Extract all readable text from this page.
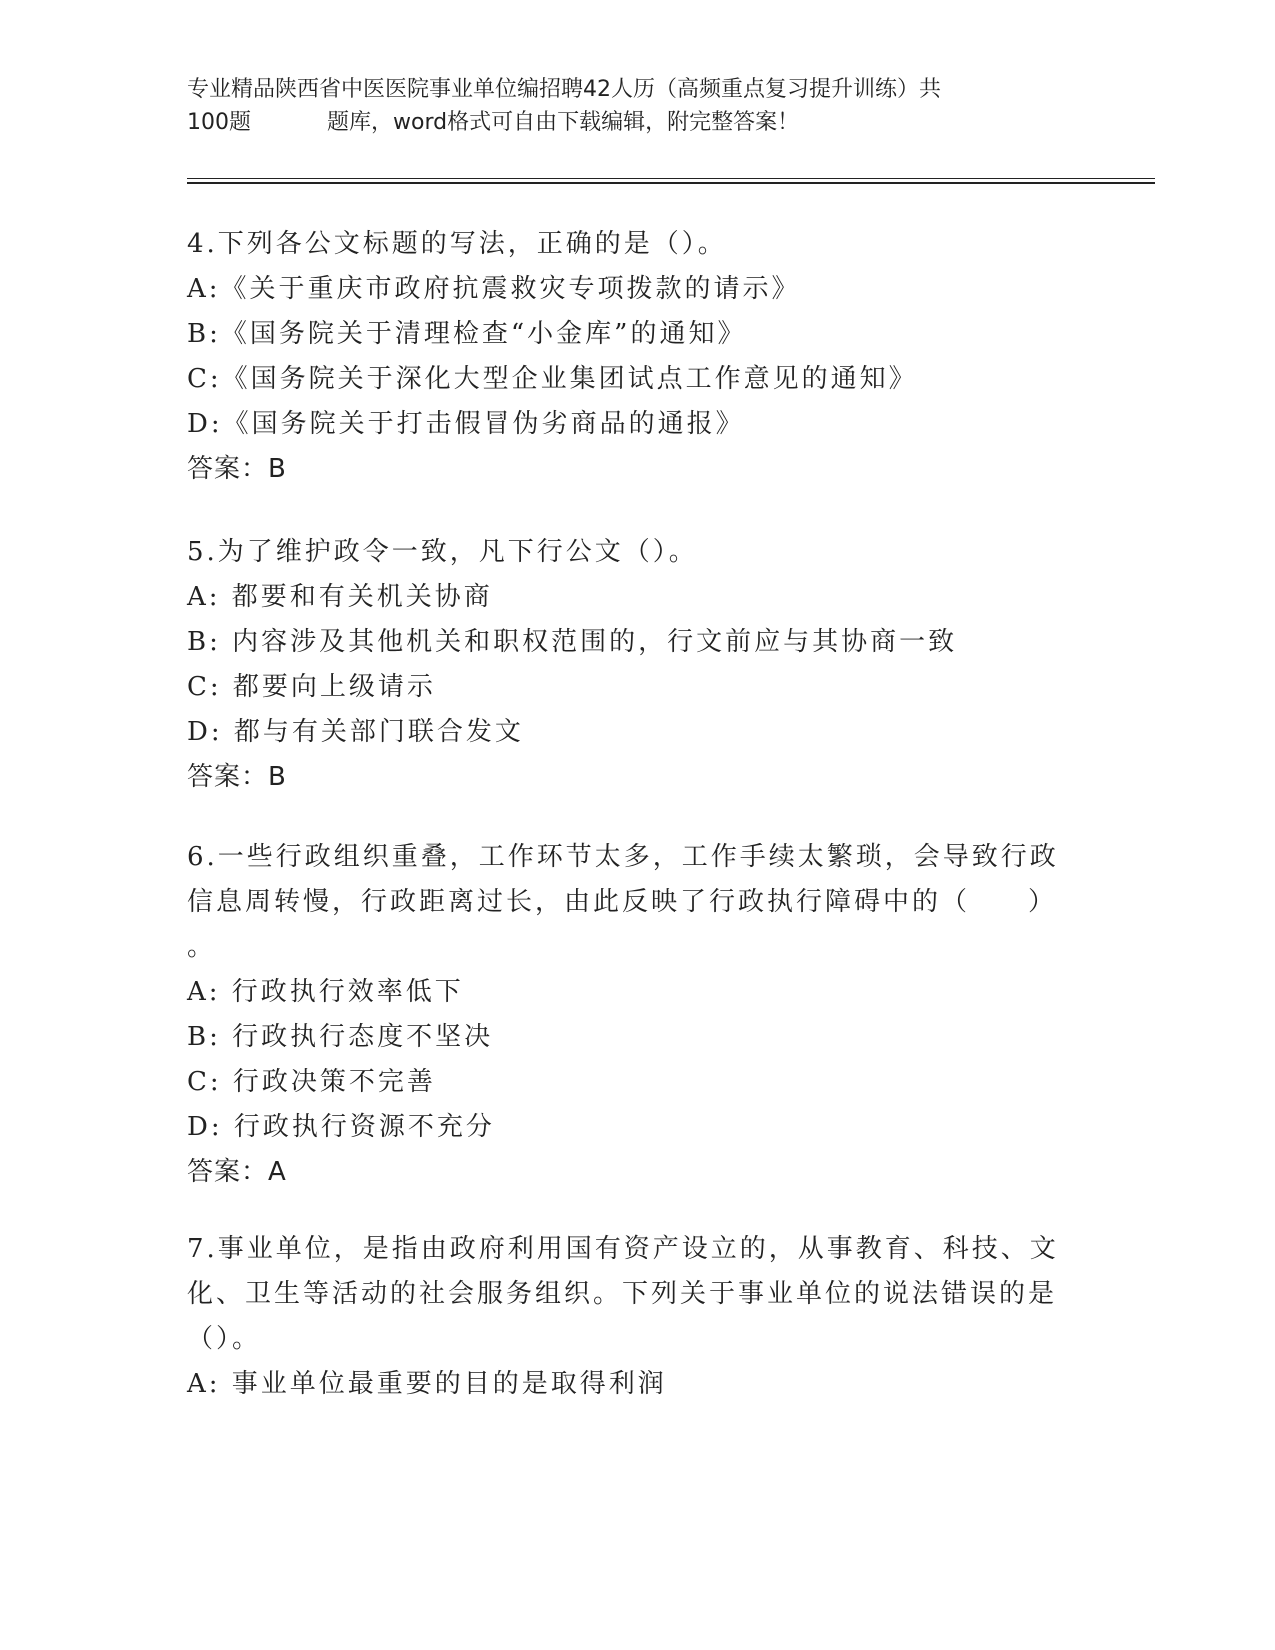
专业精品陕西省中医医院事业单位编招聘42人历（高频重点复习提升训练）共
100题	题库，word格式可自由下载编辑，附完整答案！
4.下列各公文标题的写法，正确的是（）。
A:《关于重庆市政府抗震救灾专项拨款的请示》
B:《国务院关于清理检查“小金库”的通知》
C:《国务院关于深化大型企业集团试点工作意见的通知》
D:《国务院关于打击假冒伪劣商品的通报》
答案：B
5.为了维护政令一致，凡下行公文（）。
A: 都要和有关机关协商
B: 内容涉及其他机关和职权范围的，行文前应与其协商一致
C: 都要向上级请示
D: 都与有关部门联合发文
答案：B
6.一些行政组织重叠，工作环节太多，工作手续太繁琐，会导致行政
信息周转慢，行政距离过长，由此反映了行政执行障碍中的（　　）
。
A: 行政执行效率低下
B: 行政执行态度不坚决
C: 行政决策不完善
D: 行政执行资源不充分
答案：A
7.事业单位，是指由政府利用国有资产设立的，从事教育、科技、文
化、卫生等活动的社会服务组织。下列关于事业单位的说法错误的是
（）。
A: 事业单位最重要的目的是取得利润
